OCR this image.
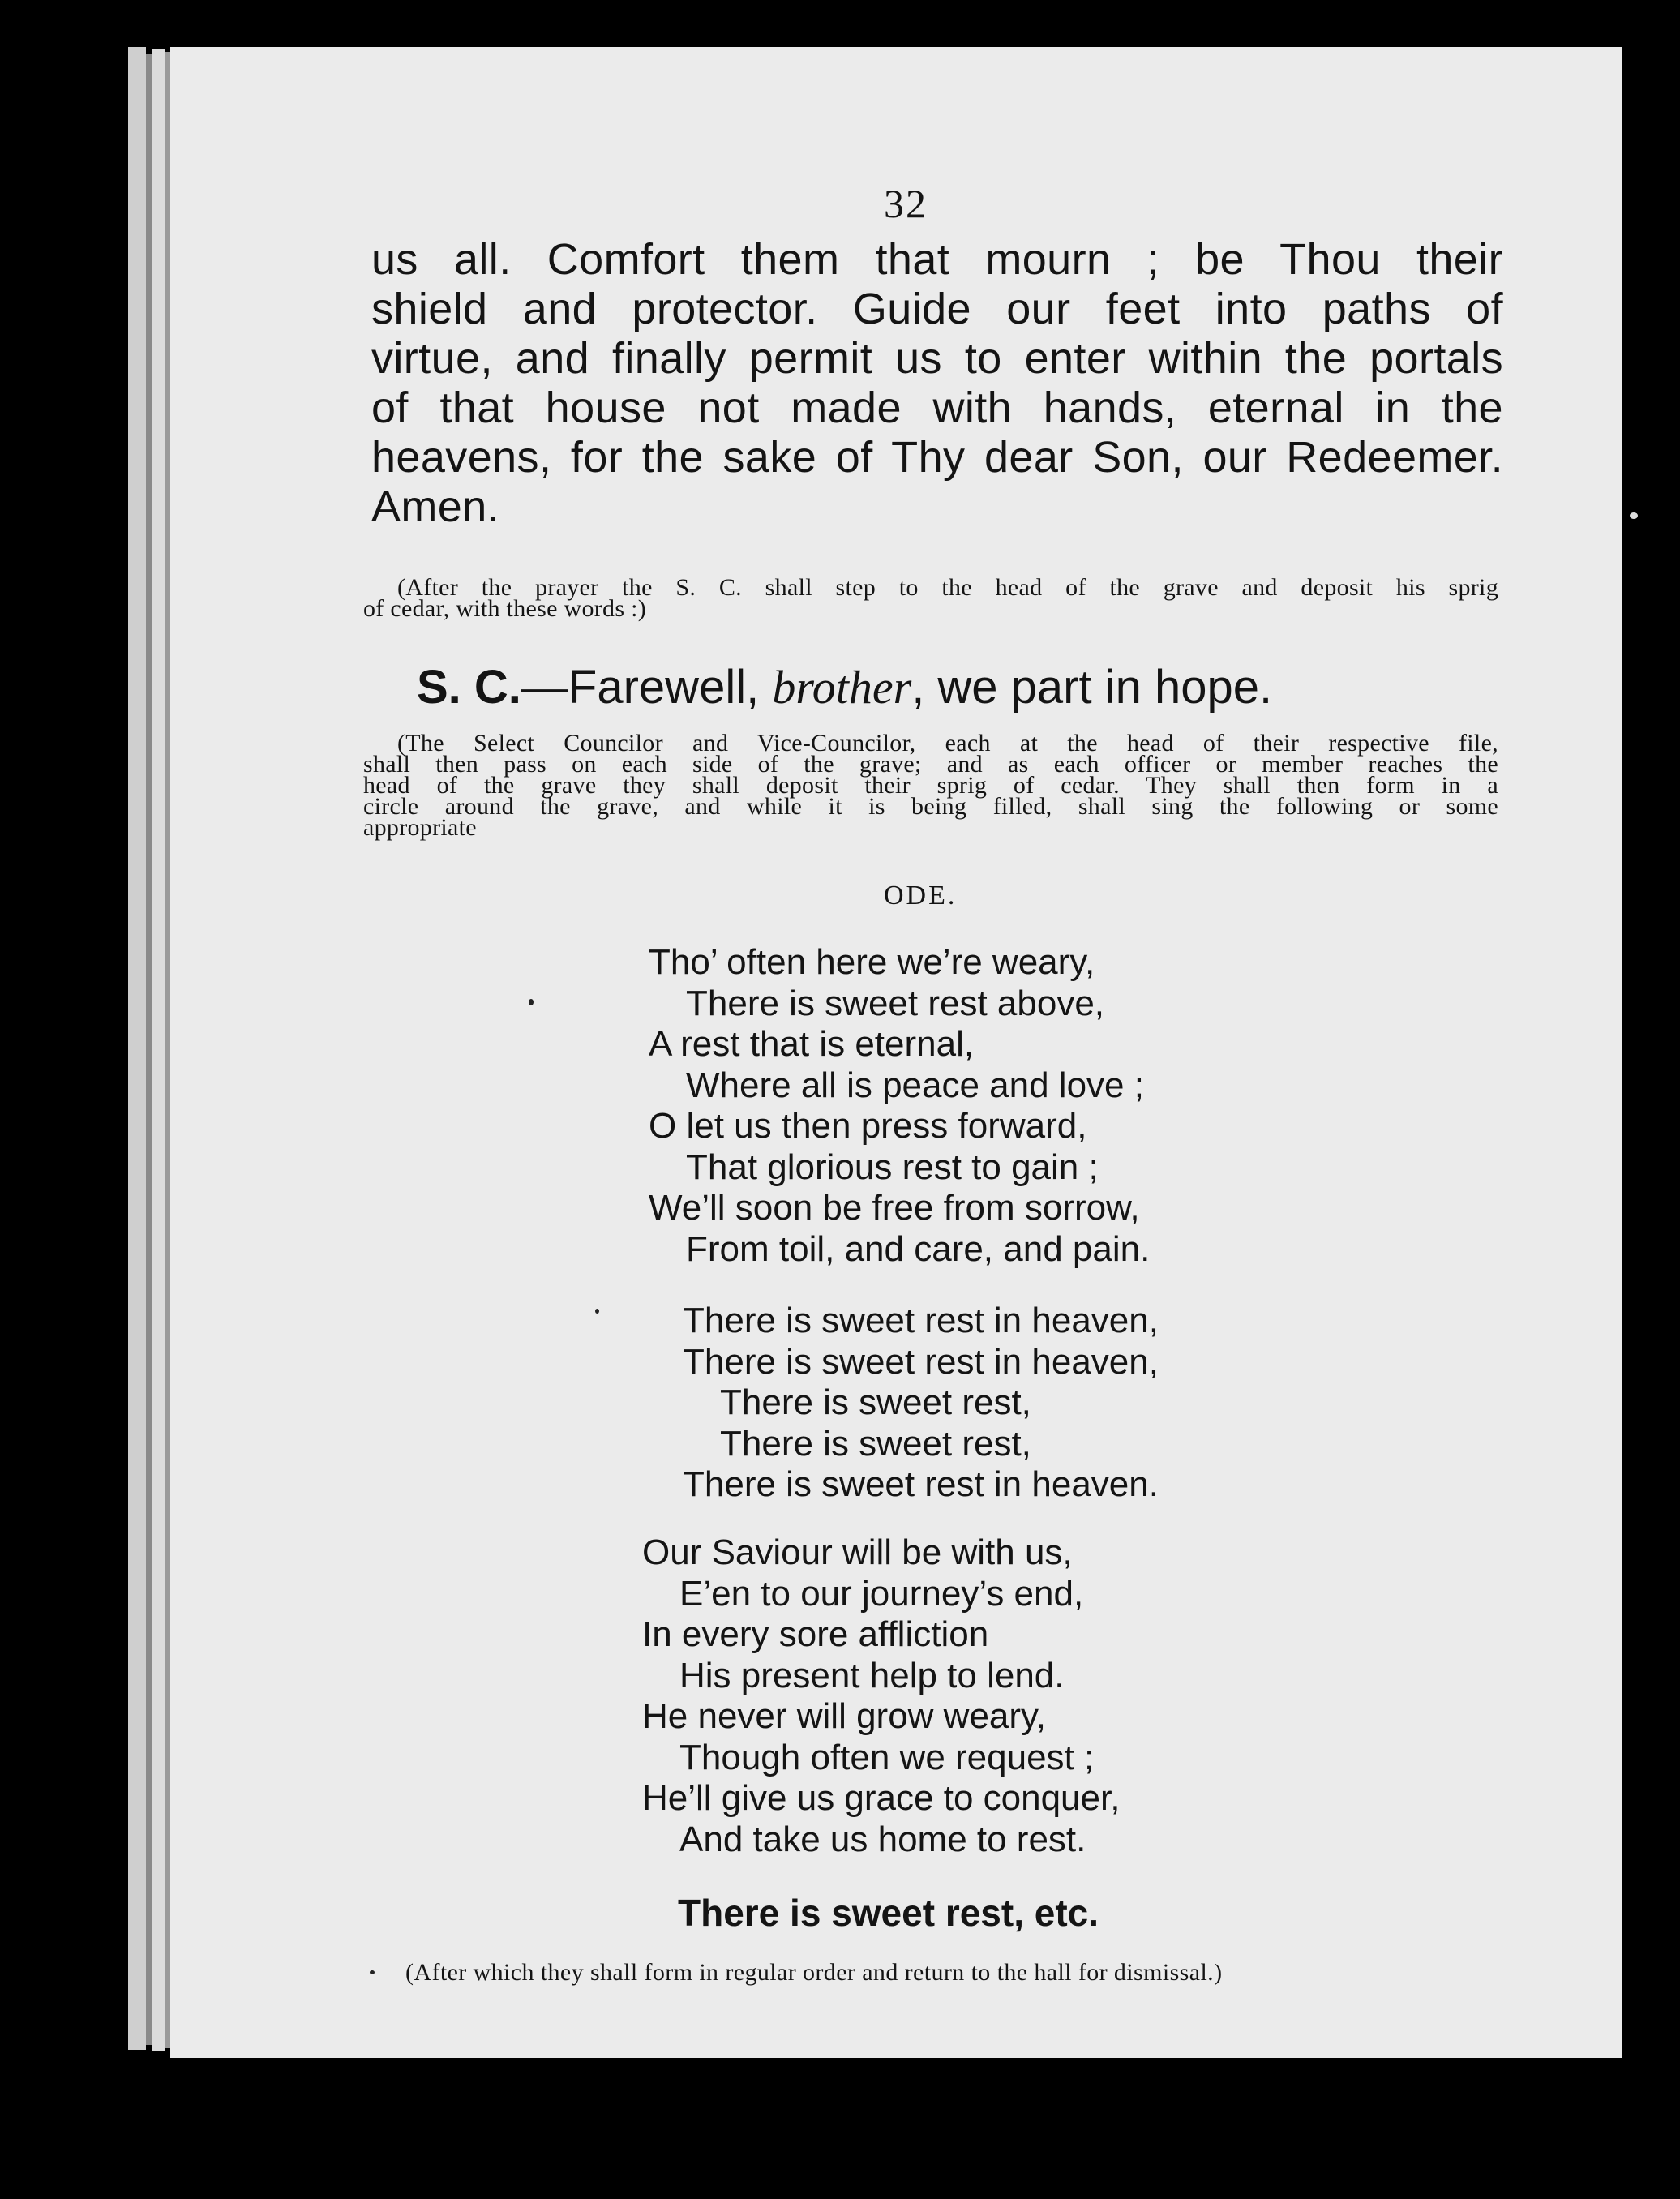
32
us all. Comfort them that mourn ; be Thou their
shield and protector. Guide our feet into paths of
virtue, and finally permit us to enter within the portals
of that house not made with hands, eternal in the
heavens, for the sake of Thy dear Son, our Redeemer.
Amen.
(After the prayer the S. C. shall step to the head of the grave and deposit his sprig
of cedar, with these words :)
S. C.—Farewell, brother, we part in hope.
(The Select Councilor and Vice-Councilor, each at the head of their respective file,
shall then pass on each side of the grave; and as each officer or member reaches the
head of the grave they shall deposit their sprig of cedar. They shall then form in a
circle around the grave, and while it is being filled, shall sing the following or some
appropriate
ODE.
Tho’ often here we’re weary,
There is sweet rest above,
A rest that is eternal,
Where all is peace and love ;
O let us then press forward,
That glorious rest to gain ;
We’ll soon be free from sorrow,
From toil, and care, and pain.
There is sweet rest in heaven,
There is sweet rest in heaven,
There is sweet rest,
There is sweet rest,
There is sweet rest in heaven.
Our Saviour will be with us,
E’en to our journey’s end,
In every sore affliction
His present help to lend.
He never will grow weary,
Though often we request ;
He’ll give us grace to conquer,
And take us home to rest.
There is sweet rest, etc.
(After which they shall form in regular order and return to the hall for dismissal.)
